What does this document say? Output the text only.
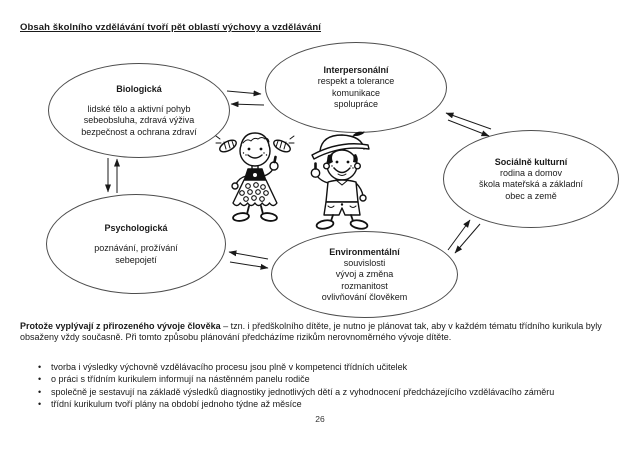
Obsah školního vzdělávání tvoří pět oblastí výchovy a vzdělávání
Biologická
lidské tělo a aktivní pohyb
sebeobsluha, zdravá výživa
bezpečnost a ochrana zdraví
Interpersonální
respekt a tolerance
komunikace
spolupráce
Sociálně kulturní
rodina a domov
škola mateřská a základní
obec a země
Psychologická
poznávání, prožívání
sebepojetí
Environmentální
souvislosti
vývoj a změna
rozmanitost
ovlivňování člověkem
Protože vyplývají z přirozeného vývoje člověka – tzn. i předškolního dítěte, je nutno je plánovat tak, aby v každém tématu třídního kurikula byly obsaženy vždy současně. Při tomto způsobu plánování předcházíme rizikům nerovnoměrného vývoje dítěte.
•	tvorba i výsledky výchovně vzdělávacího procesu jsou plně v kompetenci třídních učitelek
•	o práci s třídním kurikulem informují na nástěnném panelu rodiče
•	společně je sestavují na základě výsledků diagnostiky jednotlivých dětí a z vyhodnocení předcházejícího vzdělávacího záměru
•	třídní kurikulum tvoří plány na období jednoho týdne až měsíce
26
